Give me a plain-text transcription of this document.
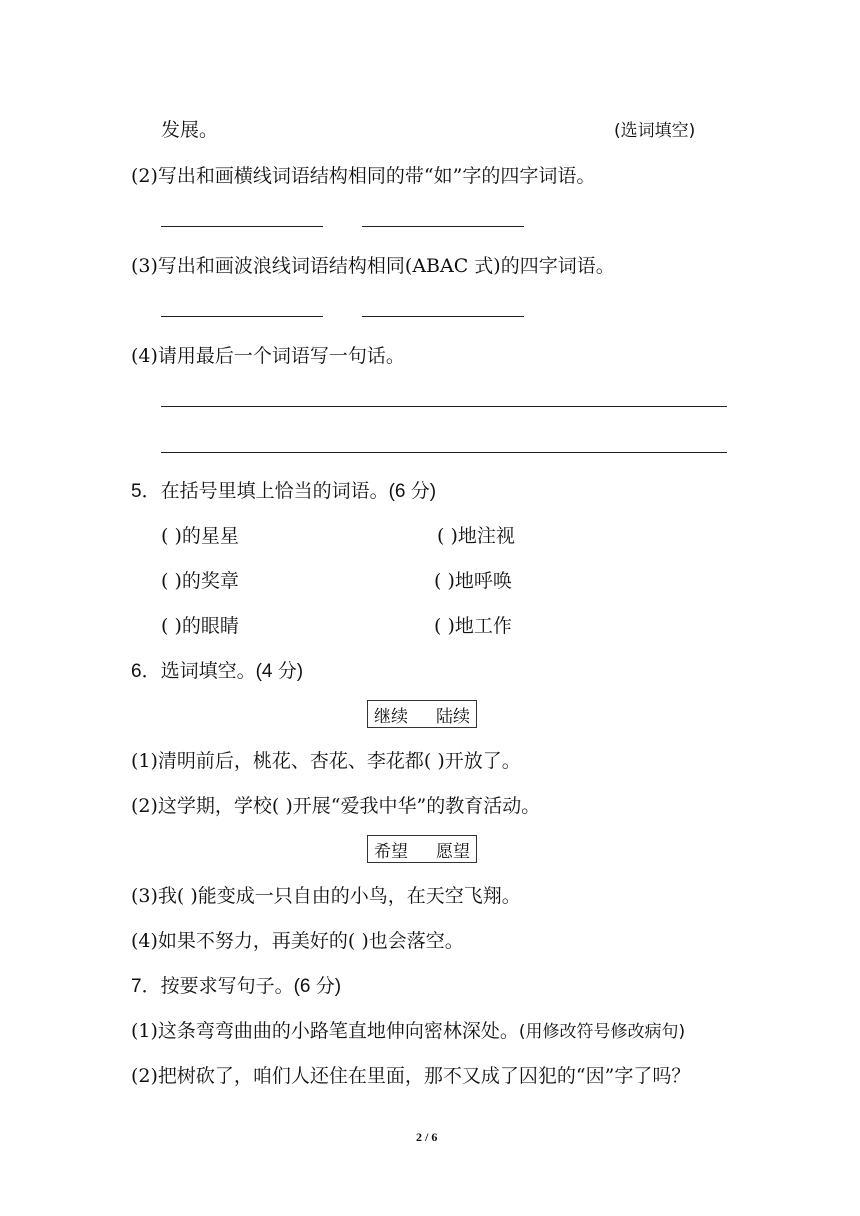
发展。	(选词填空)
(2)写出和画横线词语结构相同的带“如”字的四字词语。
(3)写出和画波浪线词语结构相同(ABAC 式)的四字词语。
(4)请用最后一个词语写一句话。
5．在括号里填上恰当的词语。(6 分)
( )的星星	( )地注视
( )的奖章	( )地呼唤
( )的眼睛	( )地工作
6．选词填空。(4 分)
继续 陆续
(1)清明前后，桃花、杏花、李花都( )开放了。
(2)这学期，学校( )开展“爱我中华”的教育活动。
希望 愿望
(3)我( )能变成一只自由的小鸟，在天空飞翔。
(4)如果不努力，再美好的( )也会落空。
7．按要求写句子。(6 分)
(1)这条弯弯曲曲的小路笔直地伸向密林深处。(用修改符号修改病句)
(2)把树砍了，咱们人还住在里面，那不又成了囚犯的“因”字了吗？
2 / 6
